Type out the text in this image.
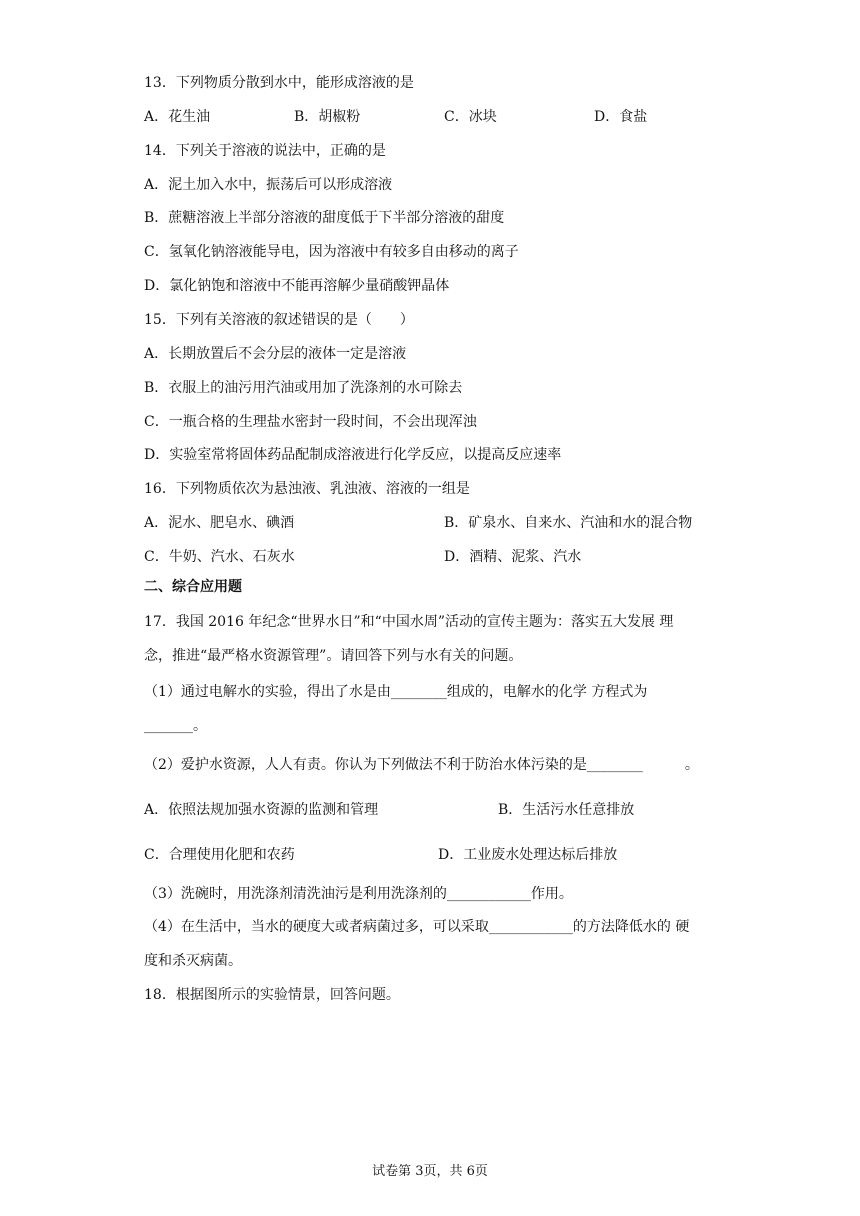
13．下列物质分散到水中，能形成溶液的是
A．花生油	B．胡椒粉	C．冰块	D．食盐
14．下列关于溶液的说法中，正确的是
A．泥土加入水中，振荡后可以形成溶液
B．蔗糖溶液上半部分溶液的甜度低于下半部分溶液的甜度
C．氢氧化钠溶液能导电，因为溶液中有较多自由移动的离子
D．氯化钠饱和溶液中不能再溶解少量硝酸钾晶体
15．下列有关溶液的叙述错误的是（　　）
A．长期放置后不会分层的液体一定是溶液
B．衣服上的油污用汽油或用加了洗涤剂的水可除去
C．一瓶合格的生理盐水密封一段时间，不会出现浑浊
D．实验室常将固体药品配制成溶液进行化学反应，以提高反应速率
16．下列物质依次为悬浊液、乳浊液、溶液的一组是
A．泥水、肥皂水、碘酒	B．矿泉水、自来水、汽油和水的混合物
C．牛奶、汽水、石灰水	D．酒精、泥浆、汽水
二、综合应用题
17．我国 2016 年纪念“世界水日”和“中国水周”活动的宣传主题为：落实五大发展 理
念，推进“最严格水资源管理”。请回答下列与水有关的问题。
（1）通过电解水的实验，得出了水是由________组成的，电解水的化学 方程式为
_______。
（2）爱护水资源，人人有责。你认为下列做法不利于防治水体污染的是________　　　。
A．依照法规加强水资源的监测和管理	B．生活污水任意排放
C．合理使用化肥和农药	D．工业废水处理达标后排放
（3）洗碗时，用洗涤剂清洗油污是利用洗涤剂的____________作用。
（4）在生活中，当水的硬度大或者病菌过多，可以采取____________的方法降低水的 硬
度和杀灭病菌。
18．根据图所示的实验情景，回答问题。
试卷第 3页，共 6页
